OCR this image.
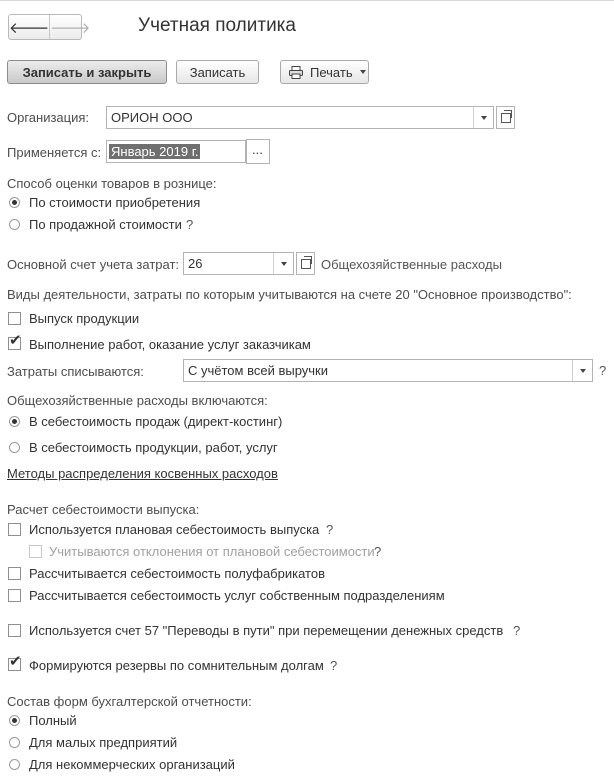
🡐 🡒	Учетная политика
Записать и закрыть	Записать	Печать
Организация: ОРИОН ООО
Применяется с: Январь 2019 г.	...
Способ оценки товаров в рознице:
По стоимости приобретения
По продажной стоимости ?
Основной счет учета затрат: 26	Общехозяйственные расходы
Виды деятельности, затраты по которым учитываются на счете 20 "Основное производство":
Выпуск продукции
✔ Выполнение работ, оказание услуг заказчикам
Затраты списываются:	С учётом всей выручки	?
Общехозяйственные расходы включаются:
В себестоимость продаж (директ-костинг)
В себестоимость продукции, работ, услуг
Методы распределения косвенных расходов
Расчет себестоимости выпуска:
Используется плановая себестоимость выпуска ?
Учитываются отклонения от плановой себестоимости ?
Рассчитывается себестоимость полуфабрикатов
Рассчитывается себестоимость услуг собственным подразделениям
Используется счет 57 "Переводы в пути" при перемещении денежных средств ?
✔ Формируются резервы по сомнительным долгам ?
Состав форм бухгалтерской отчетности:
Полный
Для малых предприятий
Для некоммерческих организаций
